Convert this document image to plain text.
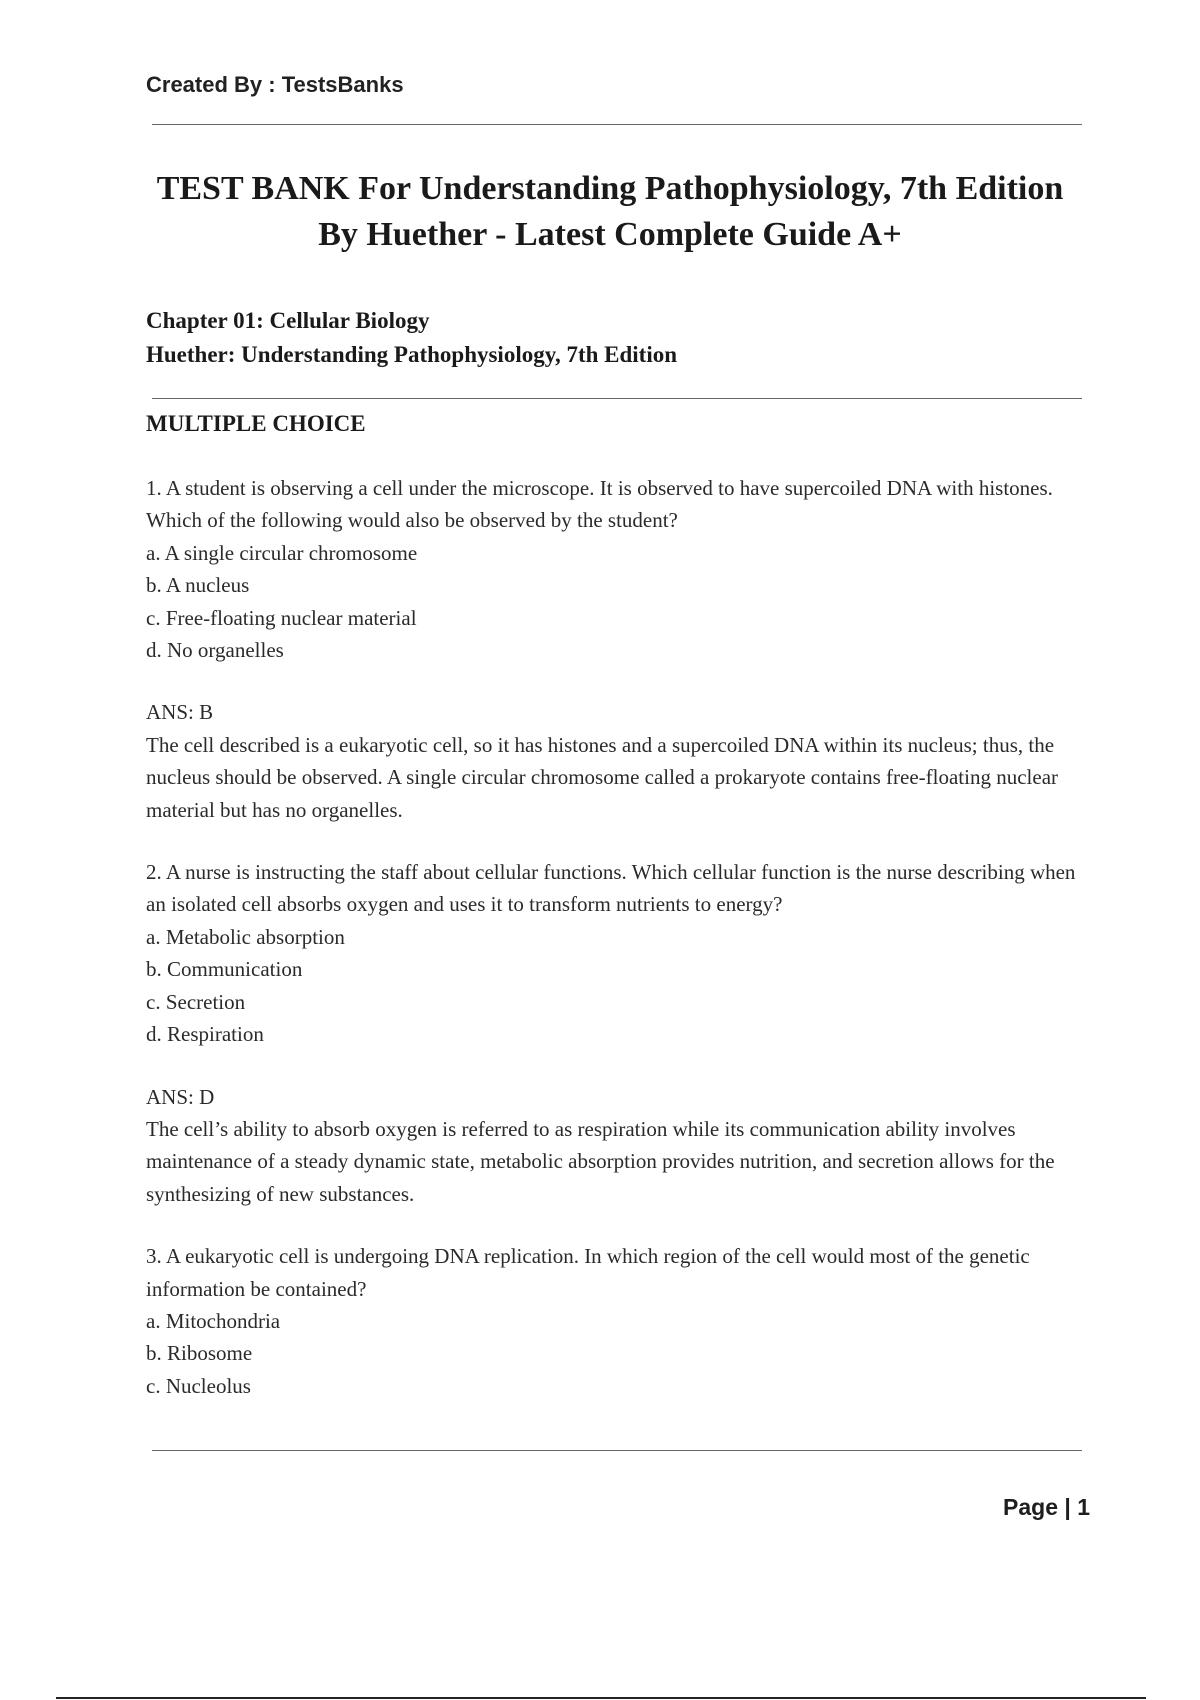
Created By : TestsBanks

TEST BANK For Understanding Pathophysiology, 7th Edition
By Huether - Latest Complete Guide A+
Chapter 01: Cellular Biology
Huether: Understanding Pathophysiology, 7th Edition
MULTIPLE CHOICE

1. A student is observing a cell under the microscope. It is observed to have supercoiled DNA with histones. Which of the following would also be observed by the student?

a. A single circular chromosome
b. A nucleus
c. Free-floating nuclear material
d. No organelles

ANS: B

The cell described is a eukaryotic cell, so it has histones and a supercoiled DNA within its nucleus; thus, the nucleus should be observed. A single circular chromosome called a prokaryote contains free-floating nuclear material but has no organelles.

2. A nurse is instructing the staff about cellular functions. Which cellular function is the nurse describing when an isolated cell absorbs oxygen and uses it to transform nutrients to energy?

a. Metabolic absorption
b. Communication
c. Secretion
d. Respiration

ANS: D

The cell’s ability to absorb oxygen is referred to as respiration while its communication ability involves maintenance of a steady dynamic state, metabolic absorption provides nutrition, and secretion allows for the synthesizing of new substances.

3. A eukaryotic cell is undergoing DNA replication. In which region of the cell would most of the genetic information be contained?

a. Mitochondria
b. Ribosome
c. Nucleolus

Page | 1
